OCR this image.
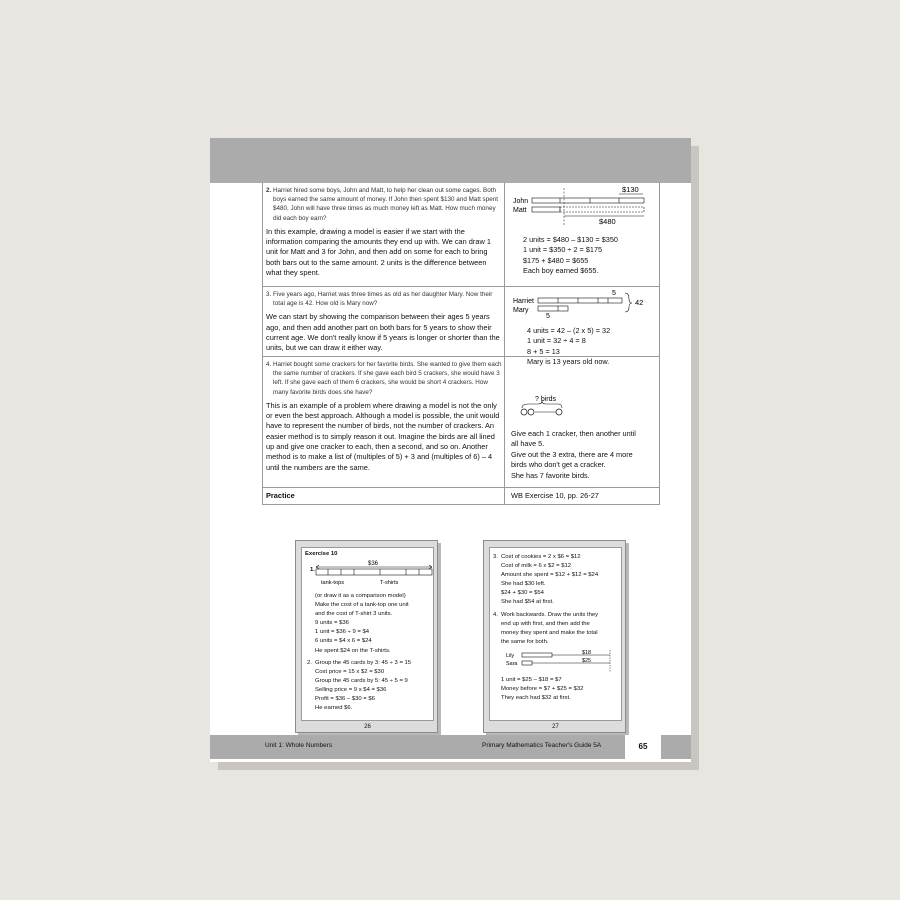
2. Harriet hired some boys, John and Matt, to help her clean out some cages. Both boys earned the same amount of money. If John then spent $130 and Matt spent $480, John will have three times as much money left as Matt. How much money did each boy earn?
In this example, drawing a model is easier if we start with the information comparing the amounts they end up with. We can draw 1 unit for Matt and 3 for John, and then add on some for each to bring both bars out to the same amount. 2 units is the difference between what they spent.
$130
John
Matt
$480
2 units = $480 – $130 = $350
1 unit = $350 ÷ 2 = $175
$175 + $480 = $655
Each boy earned $655.
3. Five years ago, Harriet was three times as old as her daughter Mary. Now their total age is 42. How old is Mary now?
We can start by showing the comparison between their ages 5 years ago, and then add another part on both bars for 5 years to show their current age. We don't really know if 5 years is longer or shorter than the units, but we can draw it either way.
5
Harriet
Mary
5
42
4 units = 42 – (2 x 5) = 32
1 unit = 32 ÷ 4 = 8
8 + 5 = 13
Mary is 13 years old now.
4. Harriet bought some crackers for her favorite birds. She wanted to give them each the same number of crackers. If she gave each bird 5 crackers, she would have 3 left. If she gave each of them 6 crackers, she would be short 4 crackers. How many favorite birds does she have?
This is an example of a problem where drawing a model is not the only or even the best approach. Although a model is possible, the unit would have to represent the number of birds, not the number of crackers. An easier method is to simply reason it out. Imagine the birds are all lined up and give one cracker to each, then a second, and so on. Another method is to make a list of (multiples of 5) + 3 and (multiples of 6) – 4 until the numbers are the same.
? birds
Give each 1 cracker, then another until all have 5.
Give out the 3 extra, there are 4 more birds who don't get a cracker.
She has 7 favorite birds.
Practice	WB Exercise 10, pp. 26-27
Exercise 10
1.
$36
tank-tops	T-shirts
(or draw it as a comparison model)
Make the cost of a tank-top one unit
and the cost of T-shirt 3 units.
9 units = $36
1 unit = $36 ÷ 9 = $4
6 units = $4 x 6 = $24
He spent $24 on the T-shirts.
2. Group the 45 cards by 3: 45 ÷ 3 = 15
Cost price = 15 x $2 = $30
Group the 45 cards by 5: 45 ÷ 5 = 9
Selling price = 9 x $4 = $36
Profit = $36 – $30 = $6
He earned $6.
26
3. Cost of cookies = 2 x $6 = $12
Cost of milk = 6 x $2 = $12
Amount she spent = $12 + $12 = $24
She had $30 left.
$24 + $30 = $54
She had $54 at first.
4. Work backwards. Draw the units they
end up with first, and then add the
money they spent and make the total
the same for both.
Lily
Sara
$18
$25
1 unit = $25 – $18 = $7
Money before = $7 + $25 = $32
They each had $32 at first.
27
Unit 1: Whole Numbers	Primary Mathematics Teacher's Guide 5A	65
